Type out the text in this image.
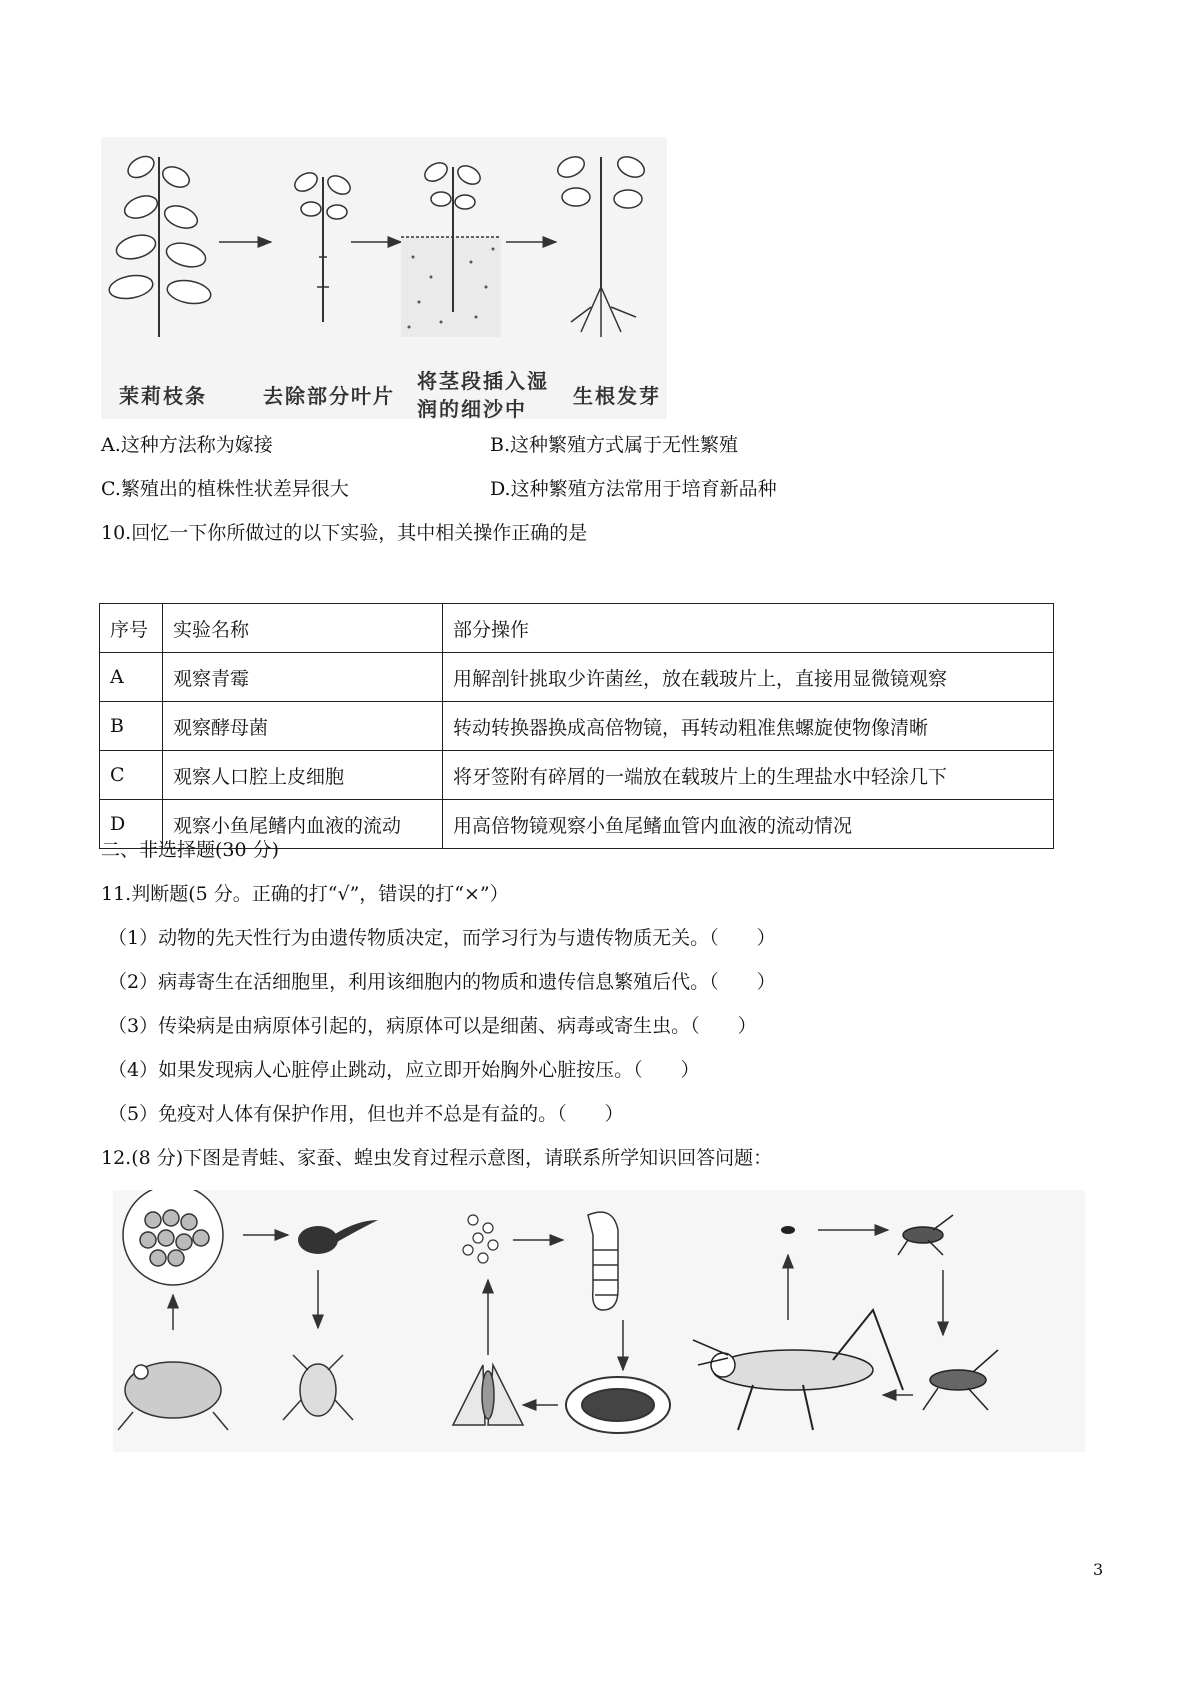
茉莉枝条	去除部分叶片
将茎段插入湿
润的细沙中
生根发芽
A.这种方法称为嫁接	B.这种繁殖方式属于无性繁殖
C.繁殖出的植株性状差异很大	D.这种繁殖方法常用于培育新品种
10.回忆一下你所做过的以下实验，其中相关操作正确的是
序号	实验名称	部分操作
A	观察青霉	用解剖针挑取少许菌丝，放在载玻片上，直接用显微镜观察
B	观察酵母菌	转动转换器换成高倍物镜，再转动粗准焦螺旋使物像清晰
C	观察人口腔上皮细胞	将牙签附有碎屑的一端放在载玻片上的生理盐水中轻涂几下
D	观察小鱼尾鳍内血液的流动	用高倍物镜观察小鱼尾鳍血管内血液的流动情况
二、非选择题(30 分)
11.判断题(5 分。正确的打“√”，错误的打“×”）
（1）动物的先天性行为由遗传物质决定，而学习行为与遗传物质无关。（　　）
（2）病毒寄生在活细胞里，利用该细胞内的物质和遗传信息繁殖后代。（　　）
（3）传染病是由病原体引起的，病原体可以是细菌、病毒或寄生虫。（　　）
（4）如果发现病人心脏停止跳动，应立即开始胸外心脏按压。（　　）
（5）免疫对人体有保护作用，但也并不总是有益的。（　　）
12.(8 分)下图是青蛙、家蚕、蝗虫发育过程示意图，请联系所学知识回答问题：
3
